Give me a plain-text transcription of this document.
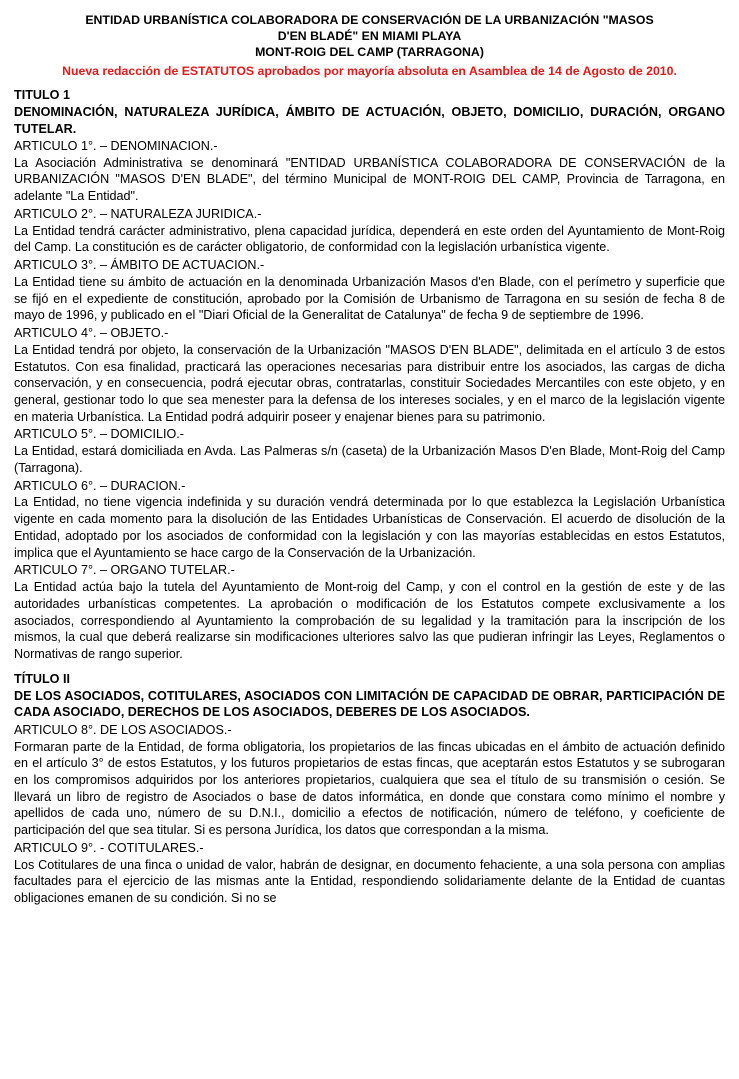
ENTIDAD URBANÍSTICA COLABORADORA DE CONSERVACIÓN DE LA URBANIZACIÓN "MASOS
D'EN BLADÉ" EN MIAMI PLAYA
MONT-ROIG DEL CAMP (TARRAGONA)
Nueva redacción de ESTATUTOS aprobados por mayoría absoluta en Asamblea de 14 de Agosto de 2010.
TITULO 1
DENOMINACIÓN, NATURALEZA JURÍDICA, ÁMBITO DE ACTUACIÓN, OBJETO, DOMICILIO, DURACIÓN, ORGANO TUTELAR.
ARTICULO 1°. – DENOMINACION.-
La Asociación Administrativa se denominará "ENTIDAD URBANÍSTICA COLABORADORA DE CONSERVACIÓN de la URBANIZACIÓN "MASOS D'EN BLADE", del término Municipal de MONT-ROIG DEL CAMP, Provincia de Tarragona, en adelante "La Entidad".
ARTICULO 2°. – NATURALEZA JURIDICA.-
La Entidad tendrá carácter administrativo, plena capacidad jurídica, dependerá en este orden del Ayuntamiento de Mont-Roig del Camp. La constitución es de carácter obligatorio, de conformidad con la legislación urbanística vigente.
ARTICULO 3°. – ÁMBITO DE ACTUACION.-
La Entidad tiene su ámbito de actuación en la denominada Urbanización Masos d'en Blade, con el perímetro y superficie que se fijó en el expediente de constitución, aprobado por la Comisión de Urbanismo de Tarragona en su sesión de fecha 8 de mayo de 1996, y publicado en el "Diari Oficial de la Generalitat de Catalunya" de fecha 9 de septiembre de 1996.
ARTICULO 4°. – OBJETO.-
La Entidad tendrá por objeto, la conservación de la Urbanización "MASOS D'EN BLADE", delimitada en el artículo 3 de estos Estatutos. Con esa finalidad, practicará las operaciones necesarias para distribuir entre los asociados, las cargas de dicha conservación, y en consecuencia, podrá ejecutar obras, contratarlas, constituir Sociedades Mercantiles con este objeto, y en general, gestionar todo lo que sea menester para la defensa de los intereses sociales, y en el marco de la legislación vigente en materia Urbanística. La Entidad podrá adquirir poseer y enajenar bienes para su patrimonio.
ARTICULO 5°. – DOMICILIO.-
La Entidad, estará domiciliada en Avda. Las Palmeras s/n (caseta) de la Urbanización Masos D'en Blade, Mont-Roig del Camp (Tarragona).
ARTICULO 6°. – DURACION.-
La Entidad, no tiene vigencia indefinida y su duración vendrá determinada por lo que establezca la Legislación Urbanística vigente en cada momento para la disolución de las Entidades Urbanísticas de Conservación. El acuerdo de disolución de la Entidad, adoptado por los asociados de conformidad con la legislación y con las mayorías establecidas en estos Estatutos, implica que el Ayuntamiento se hace cargo de la Conservación de la Urbanización.
ARTICULO 7°. – ORGANO TUTELAR.-
La Entidad actúa bajo la tutela del Ayuntamiento de Mont-roig del Camp, y con el control en la gestión de este y de las autoridades urbanísticas competentes. La aprobación o modificación de los Estatutos compete exclusivamente a los asociados, correspondiendo al Ayuntamiento la comprobación de su legalidad y la tramitación para la inscripción de los mismos, la cual que deberá realizarse sin modificaciones ulteriores salvo las que pudieran infringir las Leyes, Reglamentos o Normativas de rango superior.
TÍTULO II
DE LOS ASOCIADOS, COTITULARES, ASOCIADOS CON LIMITACIÓN DE CAPACIDAD DE OBRAR, PARTICIPACIÓN DE CADA ASOCIADO, DERECHOS DE LOS ASOCIADOS, DEBERES DE LOS ASOCIADOS.
ARTICULO 8°. DE LOS ASOCIADOS.-
Formaran parte de la Entidad, de forma obligatoria, los propietarios de las fincas ubicadas en el ámbito de actuación definido en el artículo 3° de estos Estatutos, y los futuros propietarios de estas fincas, que aceptarán estos Estatutos y se subrogaran en los compromisos adquiridos por los anteriores propietarios, cualquiera que sea el título de su transmisión o cesión. Se llevará un libro de registro de Asociados o base de datos informática, en donde que constara como mínimo el nombre y apellidos de cada uno, número de su D.N.I., domicilio a efectos de notificación, número de teléfono, y coeficiente de participación del que sea titular. Si es persona Jurídica, los datos que correspondan a la misma.
ARTICULO 9°. - COTITULARES.-
Los Cotitulares de una finca o unidad de valor, habrán de designar, en documento fehaciente, a una sola persona con amplias facultades para el ejercicio de las mismas ante la Entidad, respondiendo solidariamente delante de la Entidad de cuantas obligaciones emanen de su condición. Si no se
